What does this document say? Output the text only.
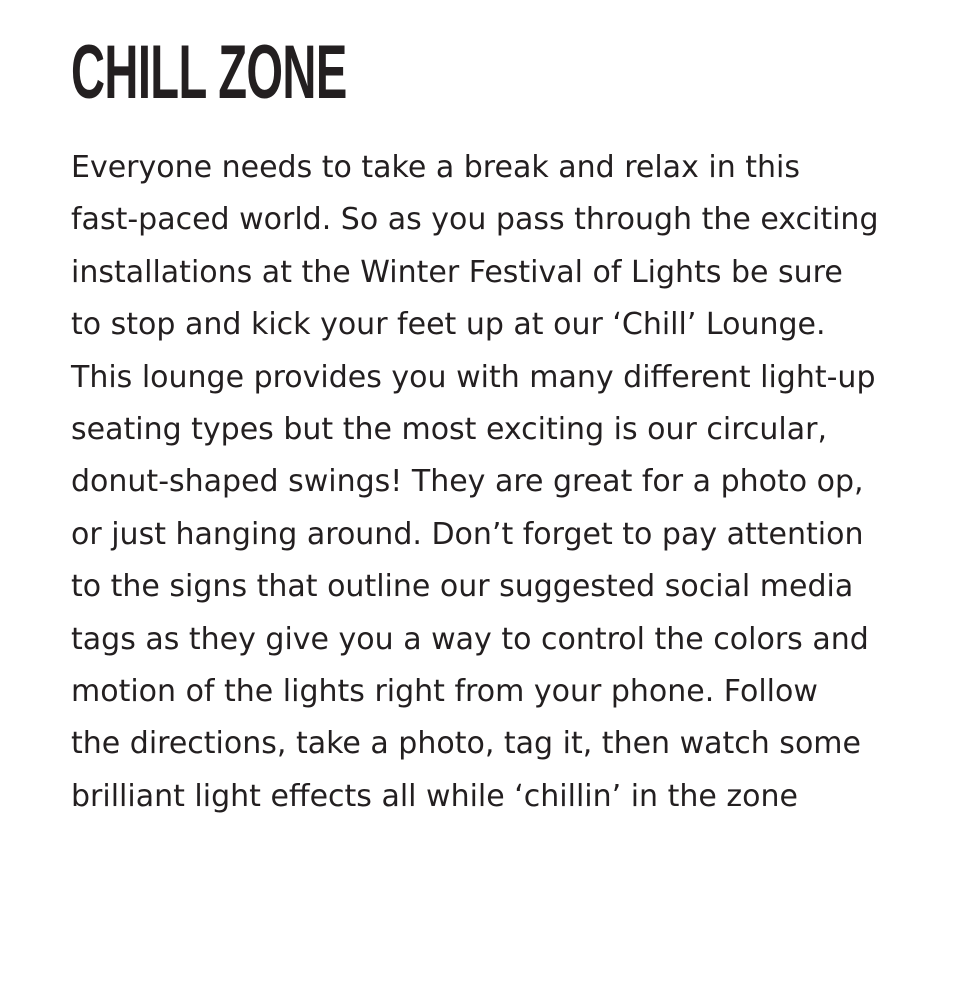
CHILL ZONE
Everyone needs to take a break and relax in this
fast-paced world. So as you pass through the exciting
installations at the Winter Festival of Lights be sure
to stop and kick your feet up at our ‘Chill’ Lounge.
This lounge provides you with many different light-up
seating types but the most exciting is our circular,
donut-shaped swings! They are great for a photo op,
or just hanging around. Don’t forget to pay attention
to the signs that outline our suggested social media
tags as they give you a way to control the colors and
motion of the lights right from your phone. Follow
the directions, take a photo, tag it, then watch some
brilliant light effects all while ‘chillin’ in the zone
